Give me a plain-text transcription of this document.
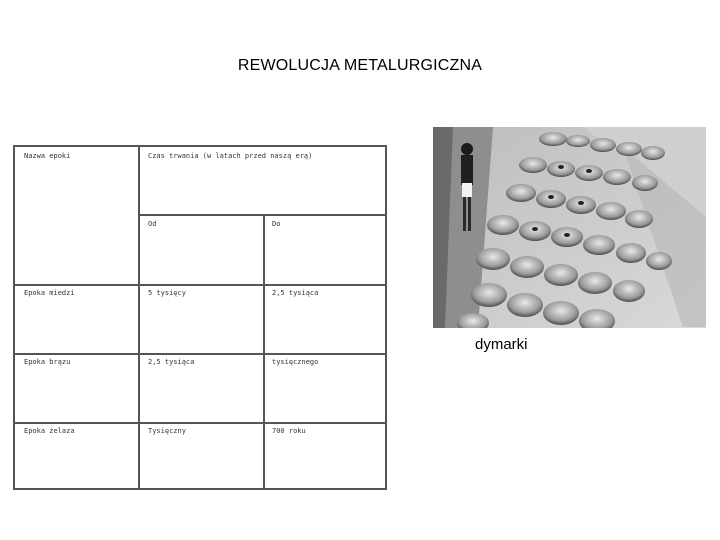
REWOLUCJA METALURGICZNA
Nazwa epoki	Czas trwania (w latach przed naszą erą)
Od	Do
Epoka miedzi	5 tysięcy	2,5 tysiąca
Epoka brązu	2,5 tysiąca	tysięcznego
Epoka żelaza	Tysięczny	700 roku
dymarki
